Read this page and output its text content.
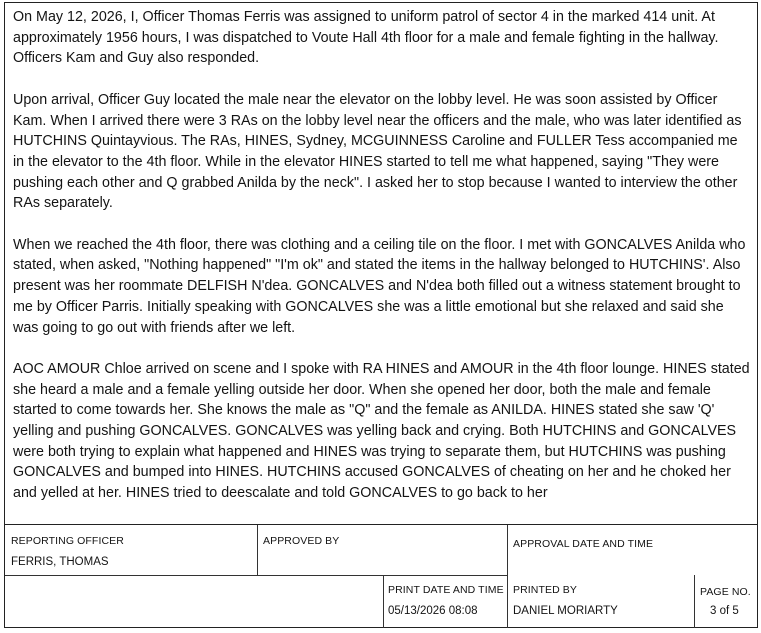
On May 12, 2026, I, Officer Thomas Ferris was assigned to uniform patrol of sector 4 in the marked 414 unit. At approximately 1956 hours, I was dispatched to Voute Hall 4th floor for a male and female fighting in the hallway. Officers Kam and Guy also responded.

Upon arrival, Officer Guy located the male near the elevator on the lobby level. He was soon assisted by Officer Kam. When I arrived there were 3 RAs on the lobby level near the officers and the male, who was later identified as HUTCHINS Quintayvious. The RAs, HINES, Sydney, MCGUINNESS Caroline and FULLER Tess accompanied me in the elevator to the 4th floor. While in the elevator HINES started to tell me what happened, saying "They were pushing each other and Q grabbed Anilda by the neck". I asked her to stop because I wanted to interview the other RAs separately.

When we reached the 4th floor, there was clothing and a ceiling tile on the floor. I met with GONCALVES Anilda who stated, when asked, "Nothing happened" "I'm ok" and stated the items in the hallway belonged to HUTCHINS'. Also present was her roommate DELFISH N'dea. GONCALVES and N'dea both filled out a witness statement brought to me by Officer Parris. Initially speaking with GONCALVES she was a little emotional but she relaxed and said she was going to go out with friends after we left.

AOC AMOUR Chloe arrived on scene and I spoke with RA HINES and AMOUR in the 4th floor lounge. HINES stated she heard a male and a female yelling outside her door. When she opened her door, both the male and female started to come towards her. She knows the male as "Q" and the female as ANILDA. HINES stated she saw 'Q' yelling and pushing GONCALVES. GONCALVES was yelling back and crying. Both HUTCHINS and GONCALVES were both trying to explain what happened and HINES was trying to separate them, but HUTCHINS was pushing GONCALVES and bumped into HINES. HUTCHINS accused GONCALVES of cheating on her and he choked her and yelled at her. HINES tried to deescalate and told GONCALVES to go back to her

REPORTING OFFICER
FERRIS, THOMAS
APPROVED BY	APPROVAL DATE AND TIME
PRINT DATE AND TIME
05/13/2026 08:08
PRINTED BY
DANIEL MORIARTY
PAGE NO.
3 of 5
